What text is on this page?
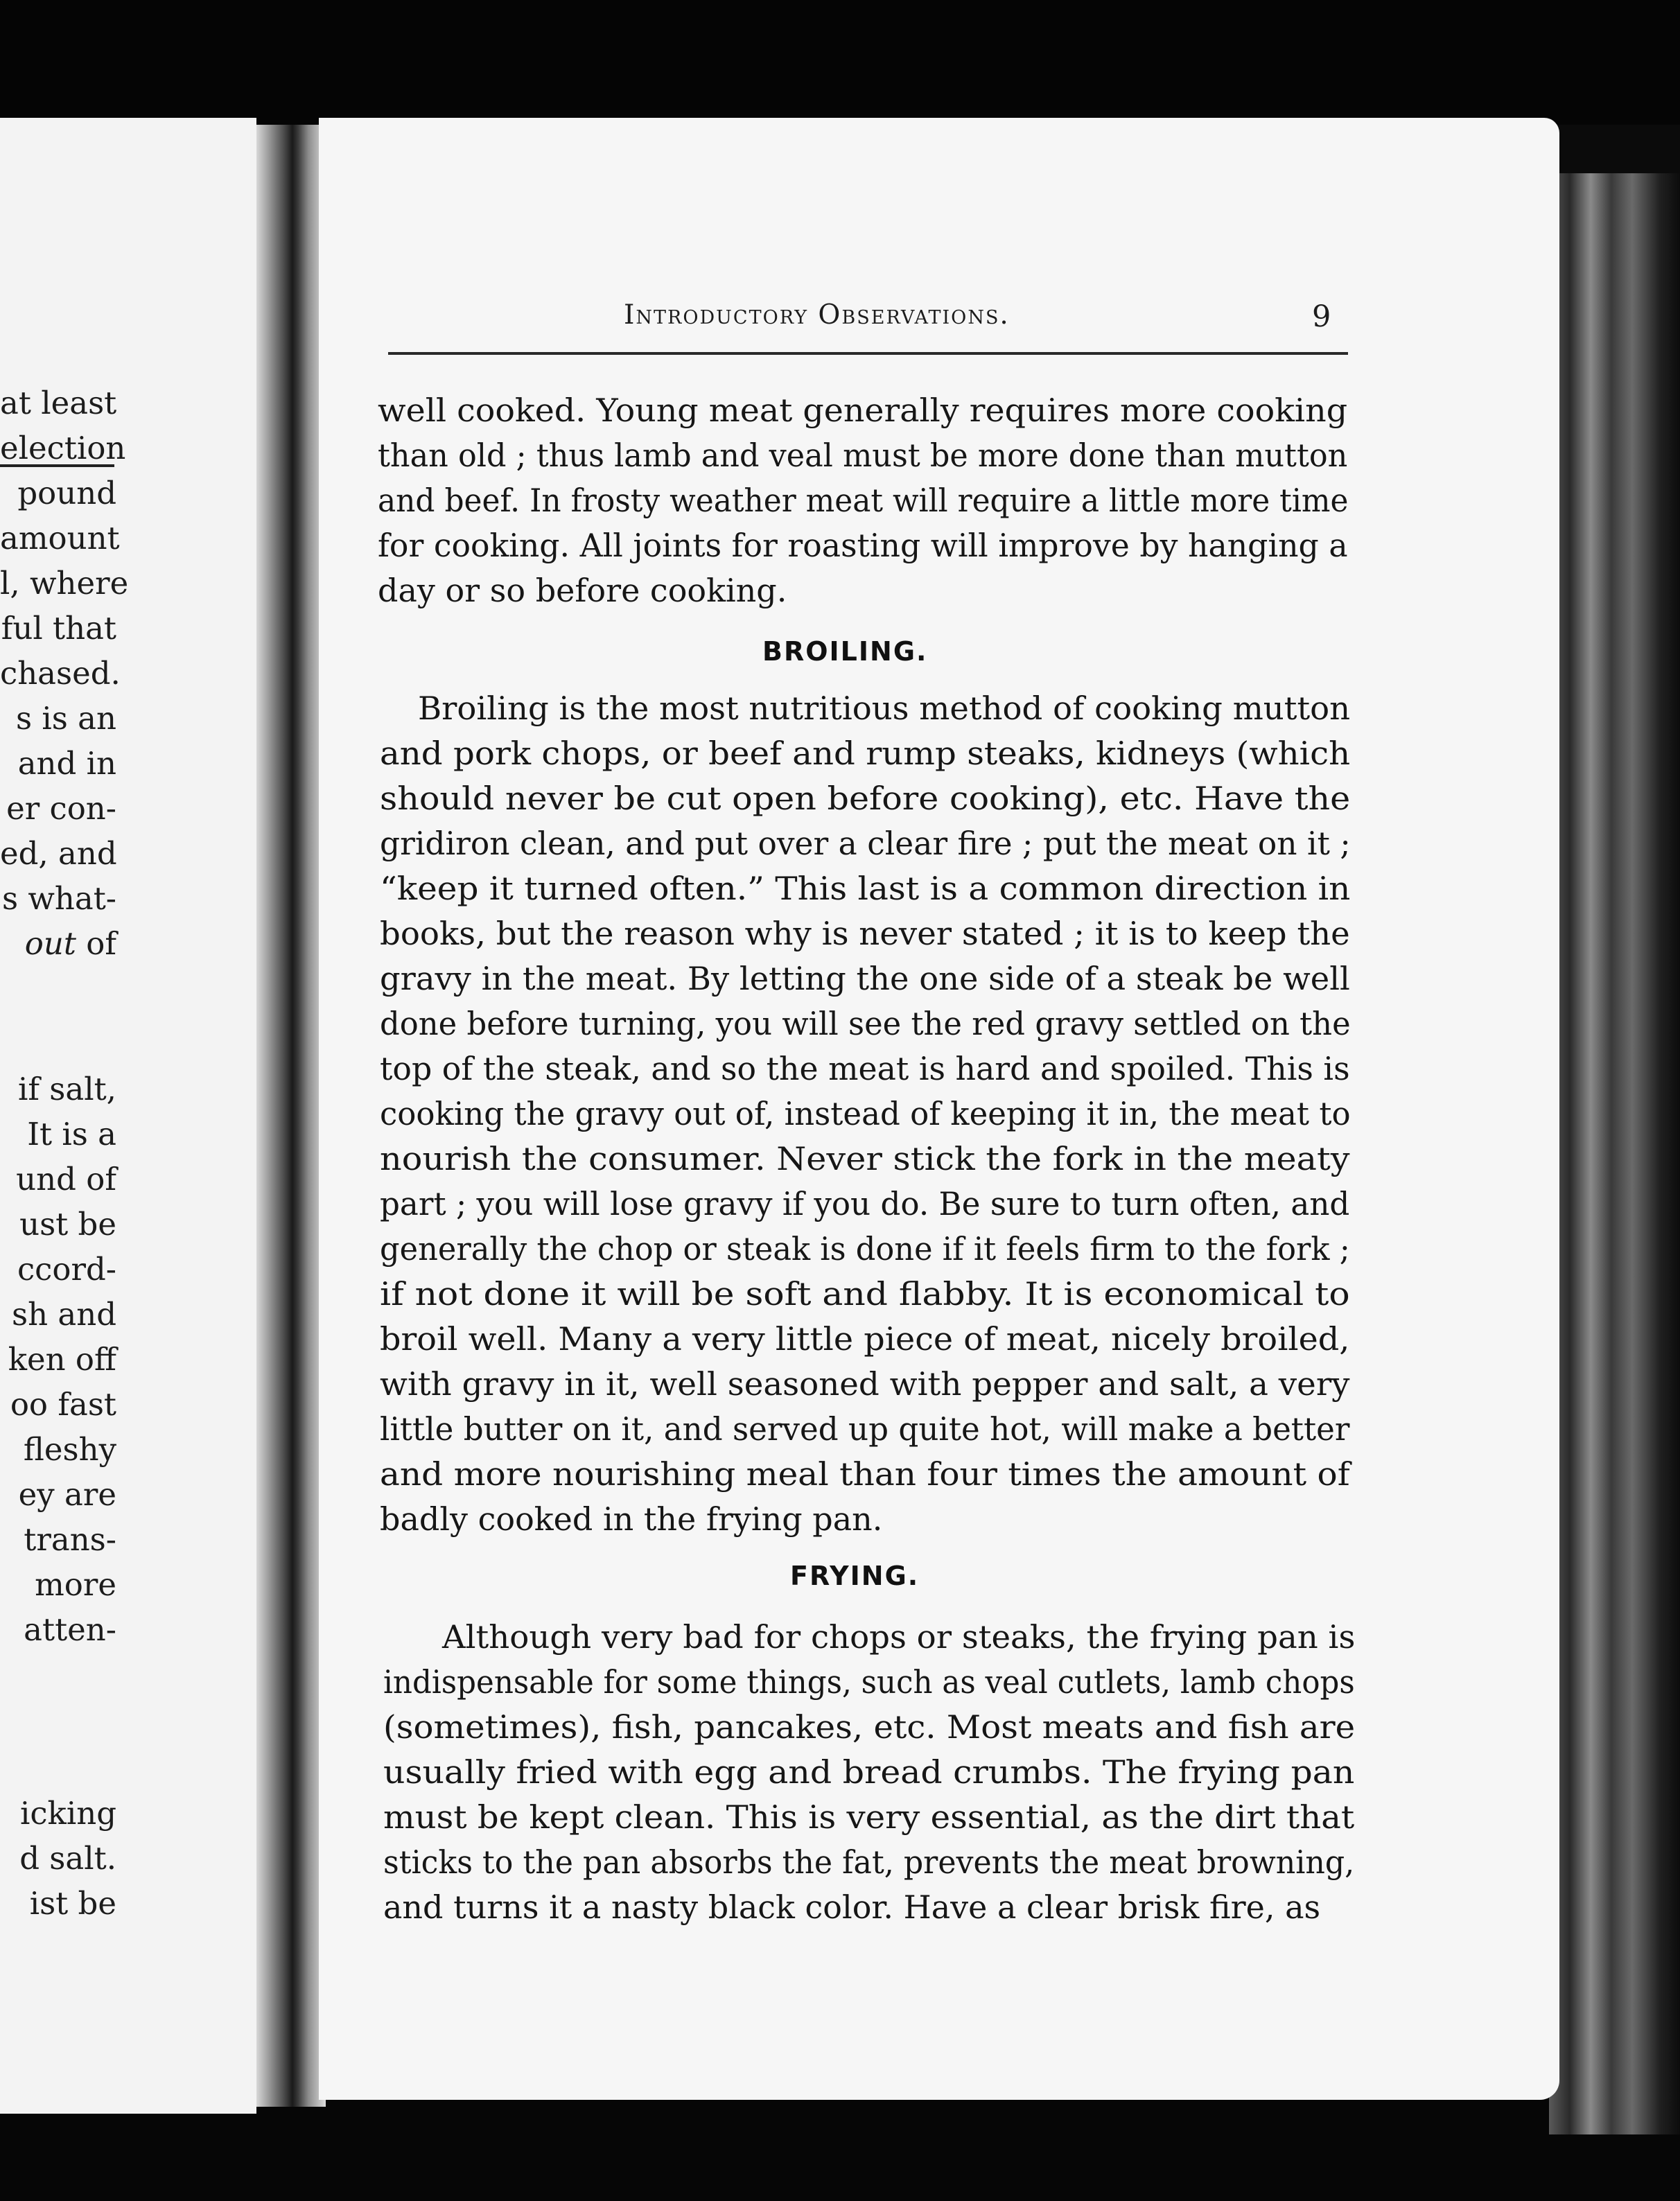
Introductory Observations.	9
BROILING.
FRYING.
well cooked. Young meat generally requires more cooking
than old ; thus lamb and veal must be more done than mutton
and beef. In frosty weather meat will require a little more time
for cooking. All joints for roasting will improve by hanging a
day or so before cooking.
Broiling is the most nutritious method of cooking mutton
and pork chops, or beef and rump steaks, kidneys (which
should never be cut open before cooking), etc. Have the
gridiron clean, and put over a clear fire ; put the meat on it ;
“keep it turned often.” This last is a common direction in
books, but the reason why is never stated ; it is to keep the
gravy in the meat. By letting the one side of a steak be well
done before turning, you will see the red gravy settled on the
top of the steak, and so the meat is hard and spoiled. This is
cooking the gravy out of, instead of keeping it in, the meat to
nourish the consumer. Never stick the fork in the meaty
part ; you will lose gravy if you do. Be sure to turn often, and
generally the chop or steak is done if it feels firm to the fork ;
if not done it will be soft and flabby. It is economical to
broil well. Many a very little piece of meat, nicely broiled,
with gravy in it, well seasoned with pepper and salt, a very
little butter on it, and served up quite hot, will make a better
and more nourishing meal than four times the amount of
badly cooked in the frying pan.
Although very bad for chops or steaks, the frying pan is
indispensable for some things, such as veal cutlets, lamb chops
(sometimes), fish, pancakes, etc. Most meats and fish are
usually fried with egg and bread crumbs. The frying pan
must be kept clean. This is very essential, as the dirt that
sticks to the pan absorbs the fat, prevents the meat browning,
and turns it a nasty black color. Have a clear brisk fire, as
at least
election
pound
amount
l, where
ful that
chased.
s is an
and in
er con-
ed, and
s what-
out of
if salt,
It is a
und of
ust be
ccord-
sh and
ken off
oo fast
fleshy
ey are
trans-
more
atten-
icking
d salt.
ist be
